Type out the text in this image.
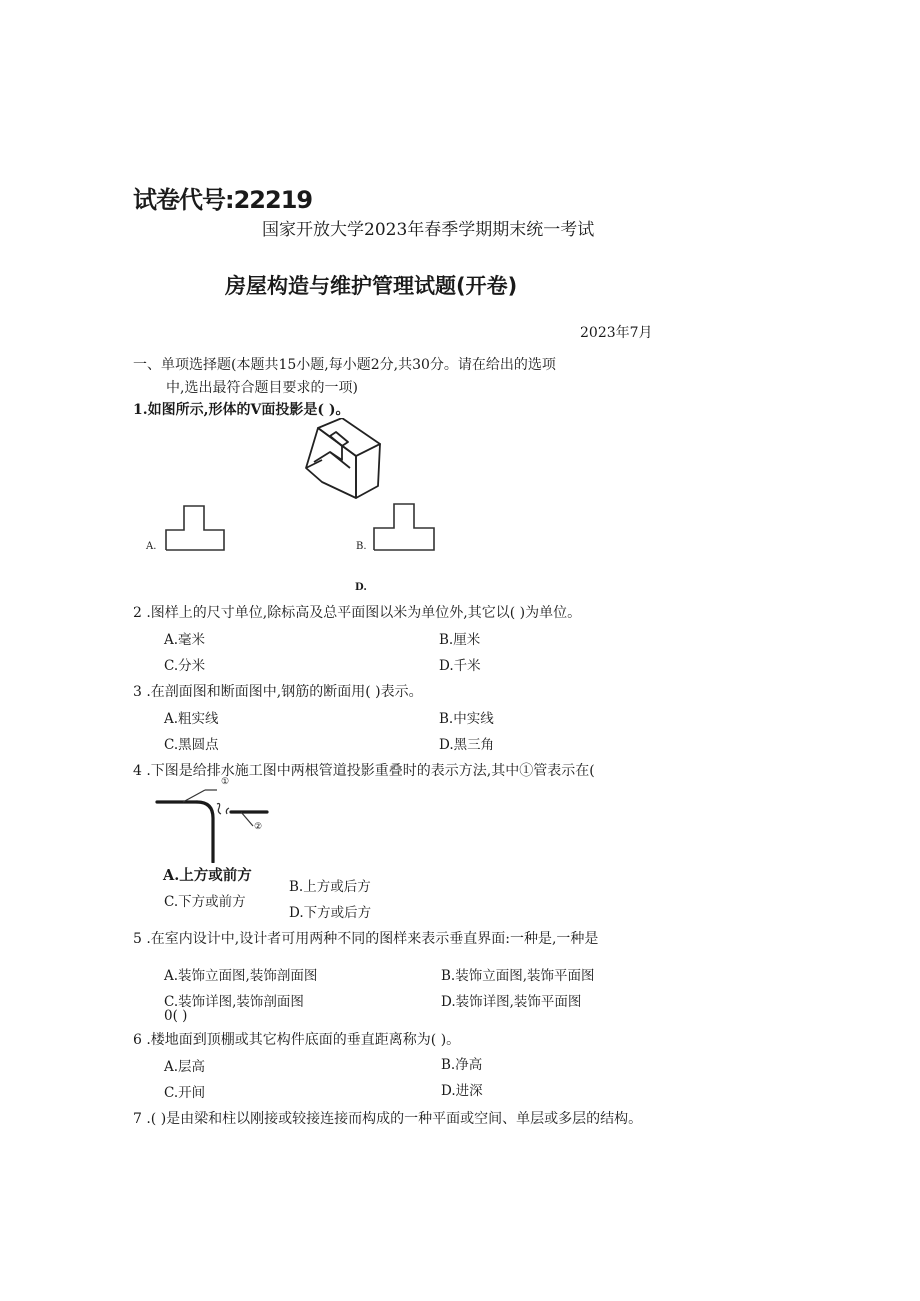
试卷代号:22219
国家开放大学2023年春季学期期末统一考试
房屋构造与维护管理试题(开卷)
2023年7月
一、单项选择题(本题共15小题,每小题2分,共30分。请在给出的选项
中,选出最符合题目要求的一项)
1.如图所示,形体的V面投影是( )。
A.	B.
D.
2 .图样上的尺寸单位,除标高及总平面图以米为单位外,其它以( )为单位。
A.毫米	B.厘米
C.分米	D.千米
3 .在剖面图和断面图中,钢筋的断面用( )表示。
A.粗实线	B.中实线
C.黑圆点	D.黑三角
4 .下图是给排水施工图中两根管道投影重叠时的表示方法,其中①管表示在(
①
②
A.上方或前方
B.上方或后方
C.下方或前方
D.下方或后方
5 .在室内设计中,设计者可用两种不同的图样来表示垂直界面:一种是,一种是
A.装饰立面图,装饰剖面图	B.装饰立面图,装饰平面图
C.装饰详图,装饰剖面图	D.装饰详图,装饰平面图
0( )
6 .楼地面到顶棚或其它构件底面的垂直距离称为( )。
A.层高	B.净高
C.开间	D.进深
7 .( )是由梁和柱以刚接或较接连接而构成的一种平面或空间、单层或多层的结构。
